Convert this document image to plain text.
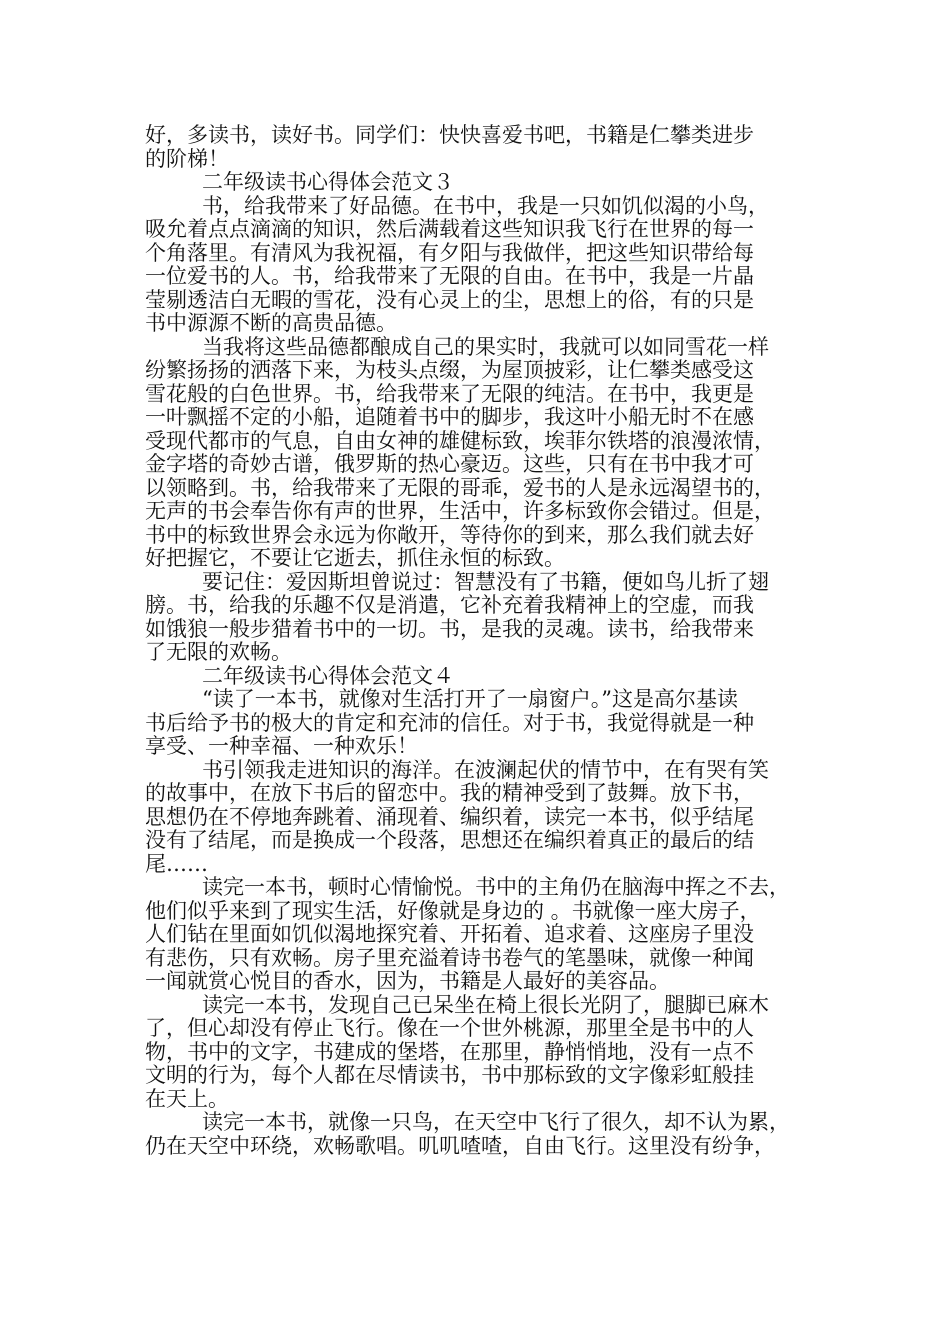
好，多读书，读好书。同学们：快快喜爱书吧，书籍是仁攀类进步
的阶梯！
二年级读书心得体会范文３
书，给我带来了好品德。在书中，我是一只如饥似渴的小鸟，
吸允着点点滴滴的知识，然后满载着这些知识我飞行在世界的每一
个角落里。有清风为我祝福，有夕阳与我做伴，把这些知识带给每
一位爱书的人。书，给我带来了无限的自由。在书中，我是一片晶
莹剔透洁白无暇的雪花，没有心灵上的尘，思想上的俗，有的只是
书中源源不断的高贵品德。
当我将这些品德都酿成自己的果实时，我就可以如同雪花一样
纷繁扬扬的洒落下来，为枝头点缀，为屋顶披彩，让仁攀类感受这
雪花般的白色世界。书，给我带来了无限的纯洁。在书中，我更是
一叶飘摇不定的小船，追随着书中的脚步，我这叶小船无时不在感
受现代都市的气息，自由女神的雄健标致，埃菲尔铁塔的浪漫浓情，
金字塔的奇妙古谱，俄罗斯的热心豪迈。这些，只有在书中我才可
以领略到。书，给我带来了无限的哥乖，爱书的人是永远渴望书的，
无声的书会奉告你有声的世界，生活中，许多标致你会错过。但是，
书中的标致世界会永远为你敞开，等待你的到来，那么我们就去好
好把握它，不要让它逝去，抓住永恒的标致。
要记住：爱因斯坦曾说过：智慧没有了书籍，便如鸟儿折了翅
膀。书，给我的乐趣不仅是消遣，它补充着我精神上的空虚，而我
如饿狼一般步猎着书中的一切。书，是我的灵魂。读书，给我带来
了无限的欢畅。
二年级读书心得体会范文４
“读了一本书，就像对生活打开了一扇窗户。”这是高尔基读
书后给予书的极大的肯定和充沛的信任。对于书，我觉得就是一种
享受、一种幸福、一种欢乐！
书引领我走进知识的海洋。在波澜起伏的情节中，在有哭有笑
的故事中，在放下书后的留恋中。我的精神受到了鼓舞。放下书，
思想仍在不停地奔跳着、涌现着、编织着，读完一本书，似乎结尾
没有了结尾，而是换成一个段落，思想还在编织着真正的最后的结
尾……
读完一本书，顿时心情愉悦。书中的主角仍在脑海中挥之不去，
他们似乎来到了现实生活，好像就是身边的 。书就像一座大房子，
人们钻在里面如饥似渴地探究着、开拓着、追求着、这座房子里没
有悲伤，只有欢畅。房子里充溢着诗书卷气的笔墨味，就像一种闻
一闻就赏心悦目的香水，因为，书籍是人最好的美容品。
读完一本书，发现自己已呆坐在椅上很长光阴了，腿脚已麻木
了，但心却没有停止飞行。像在一个世外桃源，那里全是书中的人
物，书中的文字，书建成的堡塔，在那里，静悄悄地，没有一点不
文明的行为，每个人都在尽情读书，书中那标致的文字像彩虹般挂
在天上。
读完一本书，就像一只鸟，在天空中飞行了很久，却不认为累，
仍在天空中环绕，欢畅歌唱。叽叽喳喳，自由飞行。这里没有纷争，
